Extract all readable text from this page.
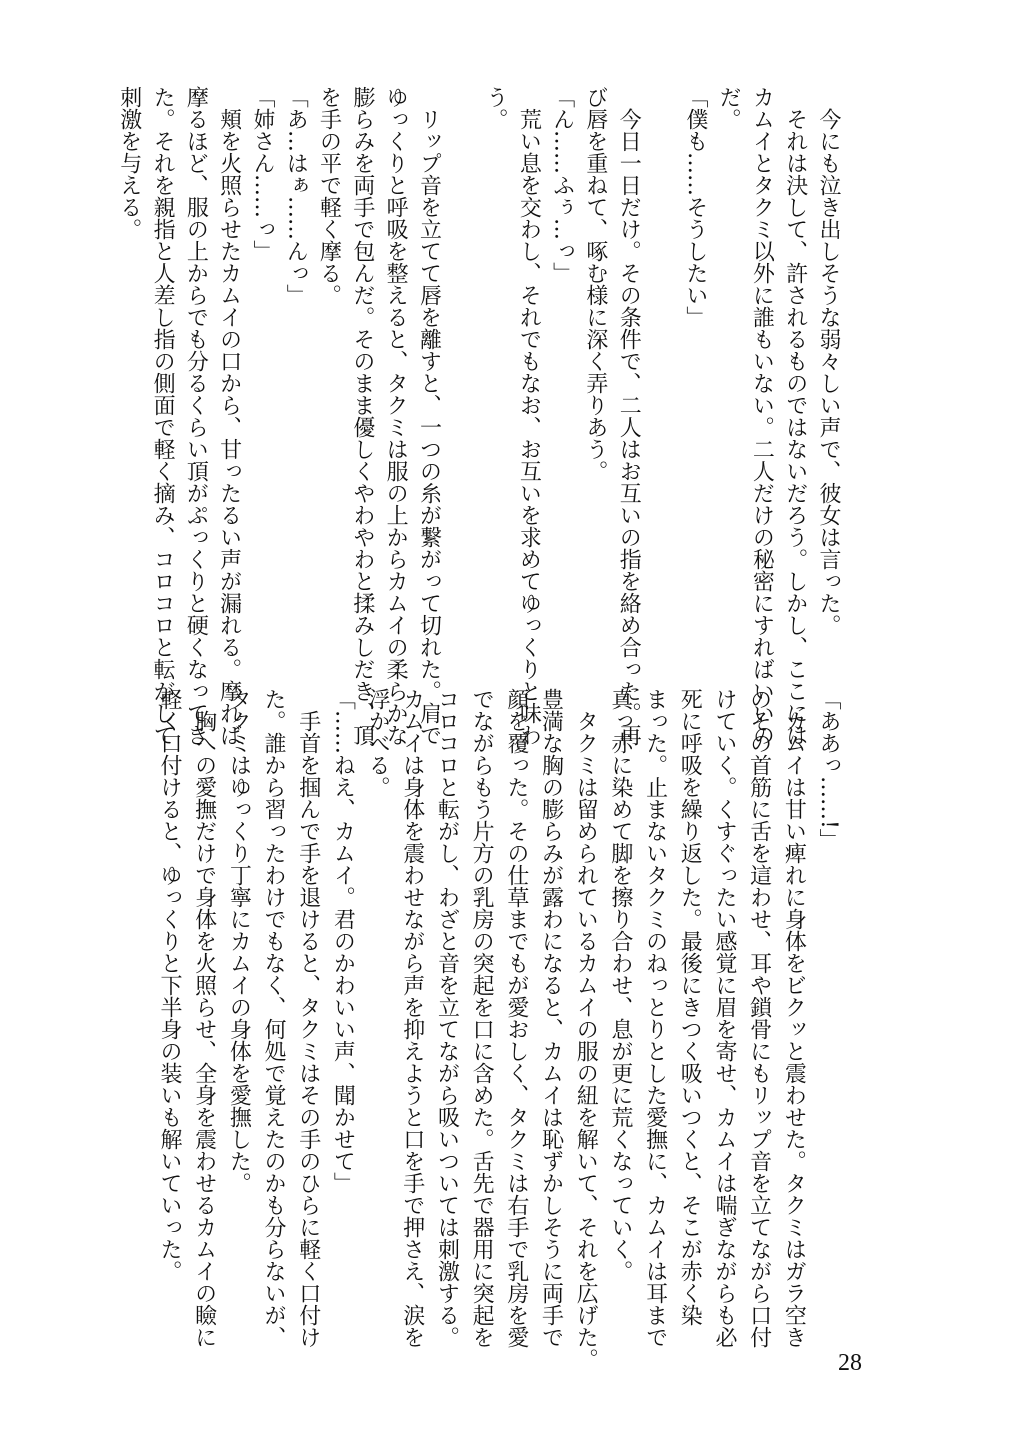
今にも泣き出しそうな弱々しい声で、彼女は言った。
それは決して、許されるものではないだろう。しかし、ここには
カムイとタクミ以外に誰もいない。二人だけの秘密にすればいいの
だ。
「僕も……そうしたい」
今日一日だけ。その条件で、二人はお互いの指を絡め合った。再
び唇を重ねて、啄む様に深く弄りあう。
「ん……ふぅ…っ」
荒い息を交わし、それでもなお、お互いを求めてゆっくりと味わ
う。
リップ音を立てて唇を離すと、一つの糸が繋がって切れた。肩で
ゆっくりと呼吸を整えると、タクミは服の上からカムイの柔らかな
膨らみを両手で包んだ。そのまま優しくやわやわと揉みしだき、頂
を手の平で軽く摩る。
「あ…はぁ……んっ」
「姉さん……っ」
頬を火照らせたカムイの口から、甘ったるい声が漏れる。摩れば
摩るほど、服の上からでも分るくらい頂がぷっくりと硬くなってき
た。それを親指と人差し指の側面で軽く摘み、コロコロと転がして
刺激を与える。
「ああっ……!」
カムイは甘い痺れに身体をビクッと震わせた。タクミはガラ空き
のその首筋に舌を這わせ、耳や鎖骨にもリップ音を立てながら口付
けていく。くすぐったい感覚に眉を寄せ、カムイは喘ぎながらも必
死に呼吸を繰り返した。最後にきつく吸いつくと、そこが赤く染
まった。止まないタクミのねっとりとした愛撫に、カムイは耳まで
真っ赤に染めて脚を擦り合わせ、息が更に荒くなっていく。
タクミは留められているカムイの服の紐を解いて、それを広げた。
豊満な胸の膨らみが露わになると、カムイは恥ずかしそうに両手で
顔を覆った。その仕草までもが愛おしく、タクミは右手で乳房を愛
でながらもう片方の乳房の突起を口に含めた。舌先で器用に突起を
コロコロと転がし、わざと音を立てながら吸いついては刺激する。
カムイは身体を震わせながら声を抑えようと口を手で押さえ、涙を
浮かべる。
「……ねえ、カムイ。君のかわいい声、聞かせて」
手首を掴んで手を退けると、タクミはその手のひらに軽く口付け
た。誰から習ったわけでもなく、何処で覚えたのかも分らないが、
タクミはゆっくり丁寧にカムイの身体を愛撫した。
胸への愛撫だけで身体を火照らせ、全身を震わせるカムイの瞼に
軽く口付けると、ゆっくりと下半身の装いも解いていった。
28
